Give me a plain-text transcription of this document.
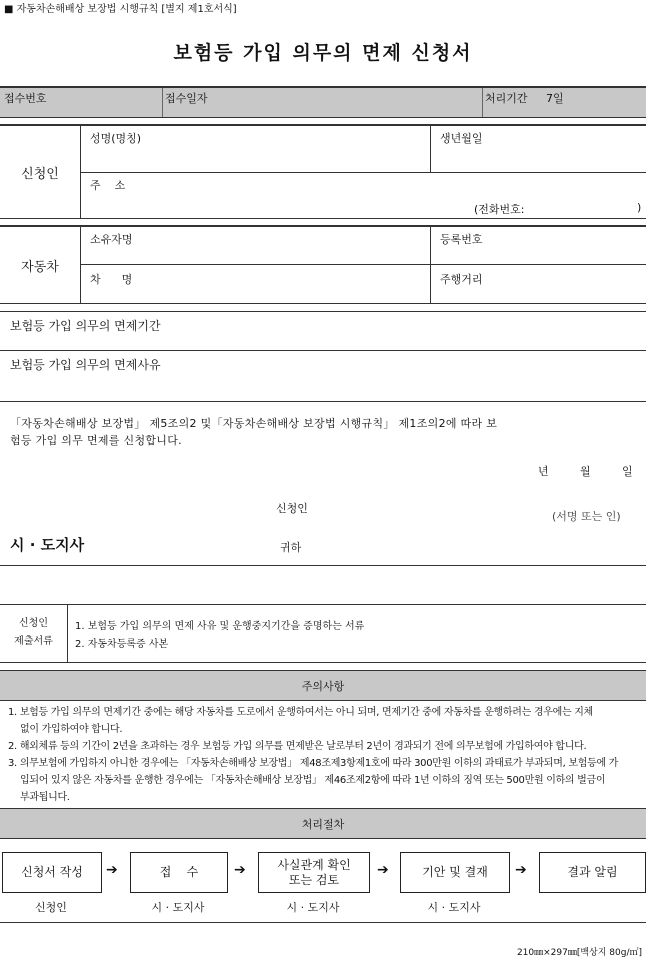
■ 자동차손해배상 보장법 시행규칙 [별지 제1호서식]
보험등 가입 의무의 면제 신청서
접수번호	접수일자	처리기간 7일
신청인
성명(명칭)	생년월일
주    소
(전화번호:	)
자동차
소유자명	등록번호
차      명	주행거리
보험등 가입 의무의 면제기간
보험등 가입 의무의 면제사유
「자동차손해배상 보장법」 제5조의2 및「자동차손해배상 보장법 시행규칙」 제1조의2에 따라 보
험등 가입 의무 면제를 신청합니다.
년	월	일
신청인
(서명 또는 인)
시 · 도지사	귀하
신청인
제출서류
1. 보험등 가입 의무의 면제 사유 및 운행중지기간을 증명하는 서류
2. 자동차등록증 사본
주의사항
1. 보험등 가입 의무의 면제기간 중에는 해당 자동차를 도로에서 운행하여서는 아니 되며, 면제기간 중에 자동차를 운행하려는 경우에는 지체
없이 가입하여야 합니다.
2. 해외체류 등의 기간이 2년을 초과하는 경우 보험등 가입 의무를 면제받은 날로부터 2년이 경과되기 전에 의무보험에 가입하여야 합니다.
3. 의무보험에 가입하지 아니한 경우에는 「자동차손해배상 보장법」 제48조제3항제1호에 따라 300만원 이하의 과태료가 부과되며, 보험등에 가
입되어 있지 않은 자동차를 운행한 경우에는 「자동차손해배상 보장법」 제46조제2항에 따라 1년 이하의 징역 또는 500만원 이하의 벌금이
부과됩니다.
처리절차
신청서 작성 ➔	접    수	➔	사실관계 확인
또는 검토
➔	기안 및 결재 ➔	결과 알림
신청인	시 · 도지사	시 · 도지사	시 · 도지사
210㎜×297㎜[백상지 80g/㎡]
